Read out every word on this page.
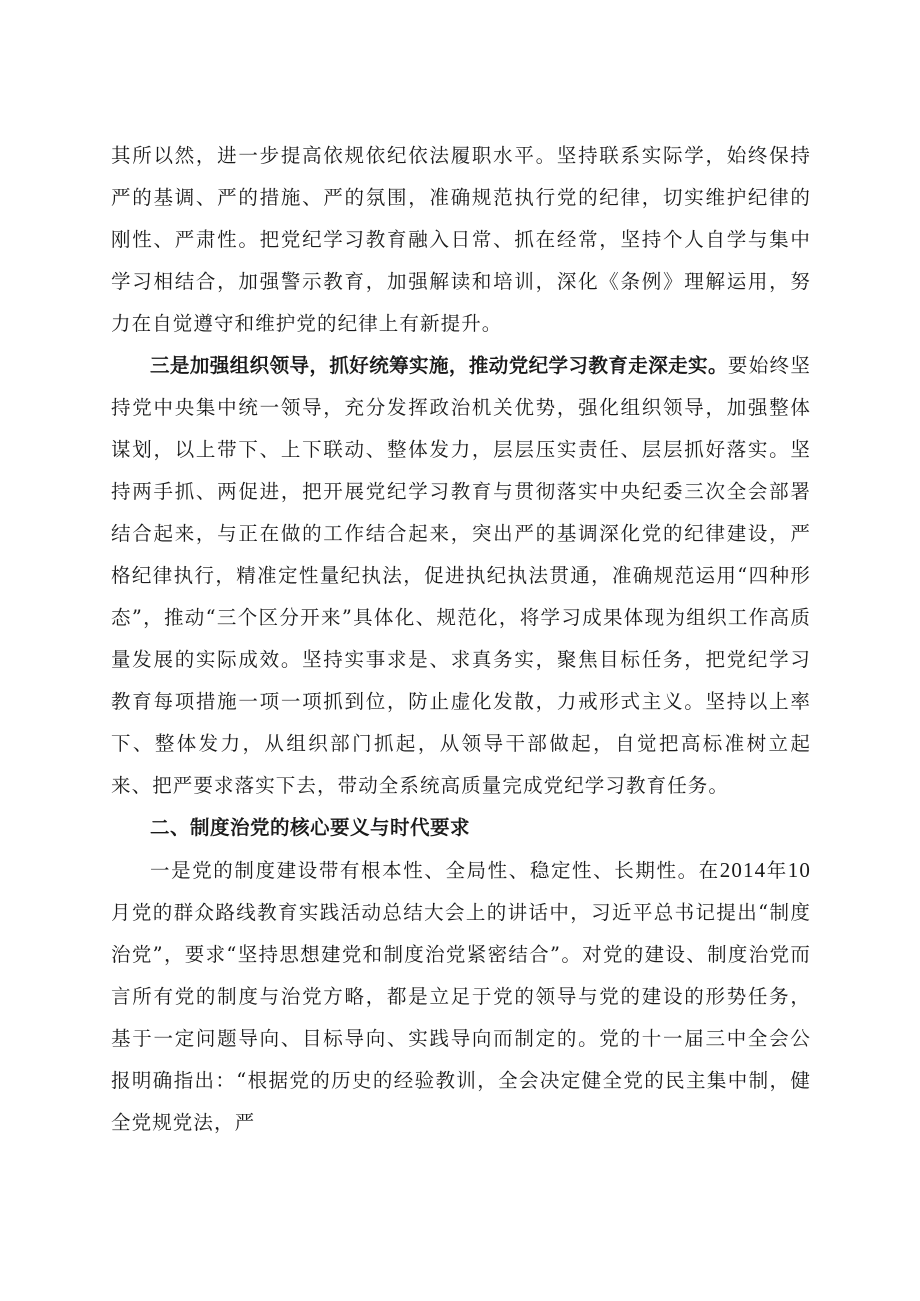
其所以然，进一步提高依规依纪依法履职水平。坚持联系实际学，始终保持严的基调、严的措施、严的氛围，准确规范执行党的纪律，切实维护纪律的刚性、严肃性。把党纪学习教育融入日常、抓在经常，坚持个人自学与集中学习相结合，加强警示教育，加强解读和培训，深化《条例》理解运用，努力在自觉遵守和维护党的纪律上有新提升。

三是加强组织领导，抓好统筹实施，推动党纪学习教育走深走实。要始终坚持党中央集中统一领导，充分发挥政治机关优势，强化组织领导，加强整体谋划，以上带下、上下联动、整体发力，层层压实责任、层层抓好落实。坚持两手抓、两促进，把开展党纪学习教育与贯彻落实中央纪委三次全会部署结合起来，与正在做的工作结合起来，突出严的基调深化党的纪律建设，严格纪律执行，精准定性量纪执法，促进执纪执法贯通，准确规范运用“四种形态”，推动“三个区分开来”具体化、规范化，将学习成果体现为组织工作高质量发展的实际成效。坚持实事求是、求真务实，聚焦目标任务，把党纪学习教育每项措施一项一项抓到位，防止虚化发散，力戒形式主义。坚持以上率下、整体发力，从组织部门抓起，从领导干部做起，自觉把高标准树立起来、把严要求落实下去，带动全系统高质量完成党纪学习教育任务。

二、制度治党的核心要义与时代要求

一是党的制度建设带有根本性、全局性、稳定性、长期性。在2014年10月党的群众路线教育实践活动总结大会上的讲话中，习近平总书记提出“制度治党”，要求“坚持思想建党和制度治党紧密结合”。对党的建设、制度治党而言所有党的制度与治党方略，都是立足于党的领导与党的建设的形势任务，基于一定问题导向、目标导向、实践导向而制定的。党的十一届三中全会公报明确指出：“根据党的历史的经验教训，全会决定健全党的民主集中制，健全党规党法，严
